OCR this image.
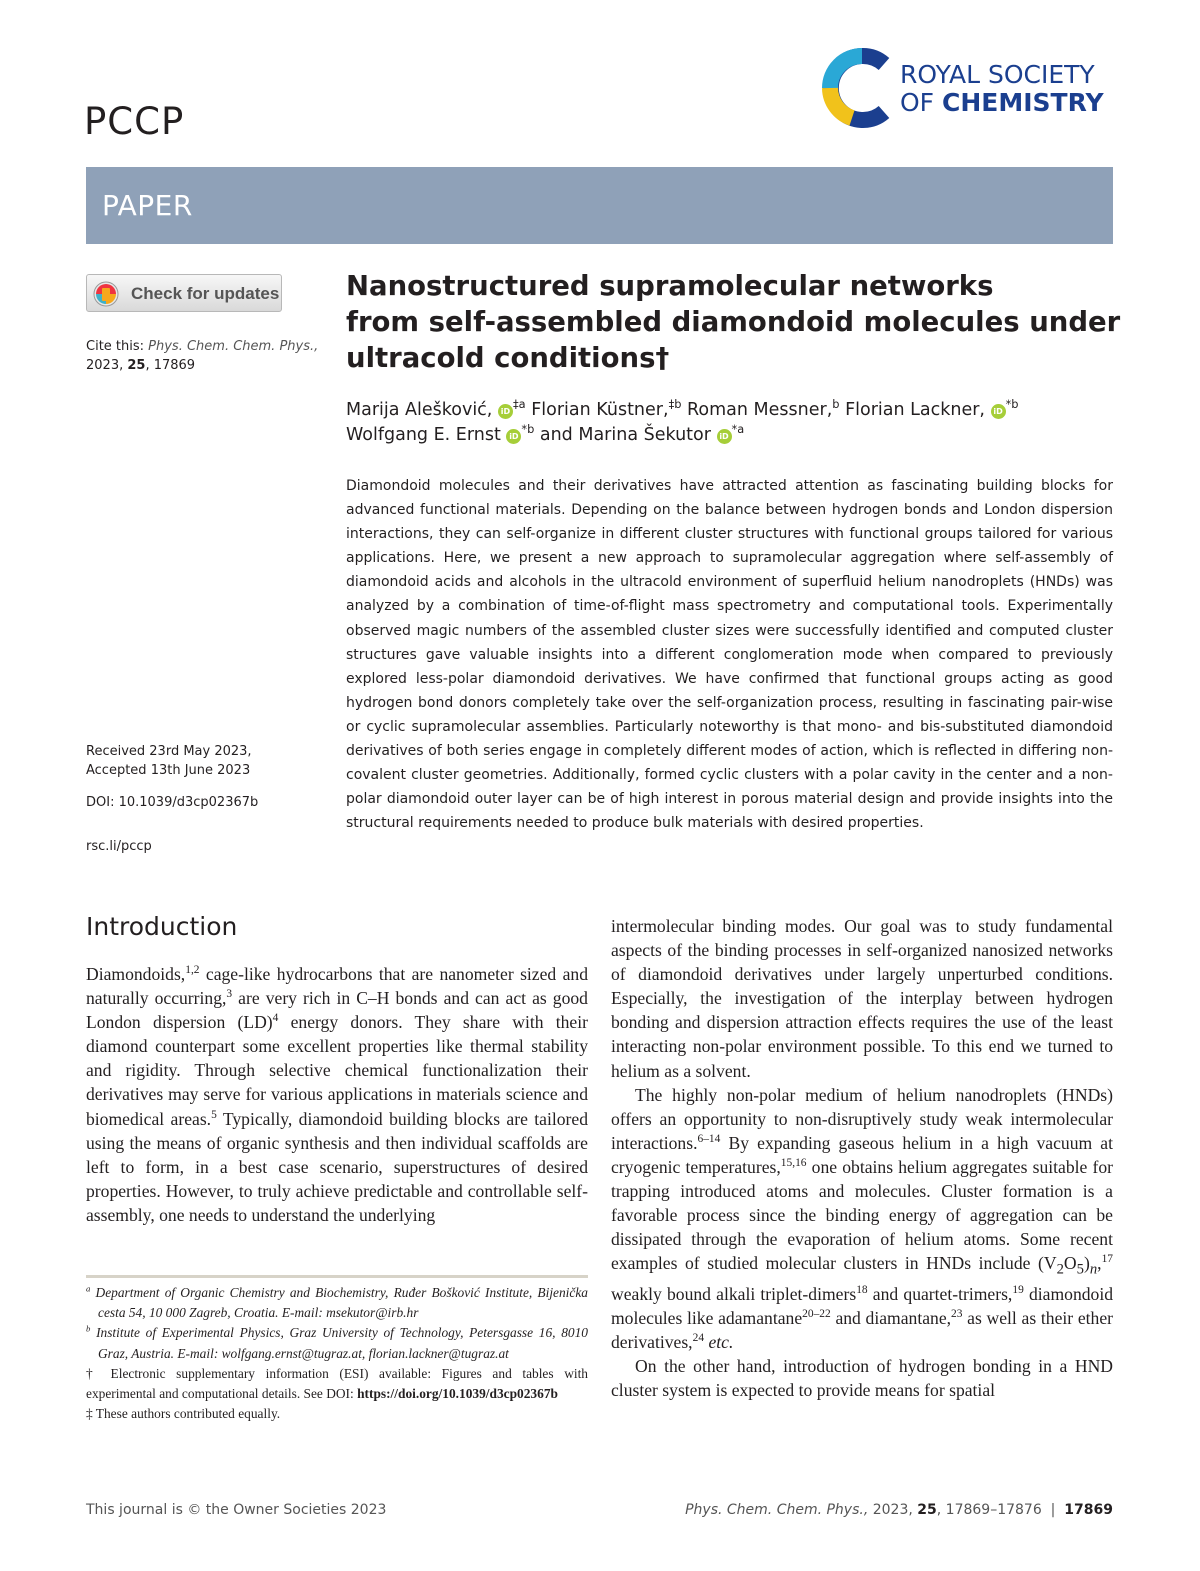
PCCP
ROYAL SOCIETY
OF CHEMISTRY
PAPER
Check for updates
Cite this: Phys. Chem. Chem. Phys.,
2023, 25, 17869
Received 23rd May 2023,
Accepted 13th June 2023
DOI: 10.1039/d3cp02367b
rsc.li/pccp
Nanostructured supramolecular networks
from self-assembled diamondoid molecules under
ultracold conditions†
Marija Alešković, $iD^{\ddagger a}$ Florian Küstner,$^{\ddagger b}$ Roman Messner,$^b$ Florian Lackner, $iD^{*b}$
Wolfgang E. Ernst $iD^{*b}$ and Marina Šekutor $iD^{*a}$
Diamondoid molecules and their derivatives have attracted attention as fascinating building blocks for advanced functional materials. Depending on the balance between hydrogen bonds and London dispersion interactions, they can self-organize in different cluster structures with functional groups tailored for various applications. Here, we present a new approach to supramolecular aggregation where self-assembly of diamondoid acids and alcohols in the ultracold environment of superfluid helium nanodroplets (HNDs) was analyzed by a combination of time-of-flight mass spectrometry and computational tools. Experimentally observed magic numbers of the assembled cluster sizes were successfully identified and computed cluster structures gave valuable insights into a different conglomeration mode when compared to previously explored less-polar diamondoid derivatives. We have confirmed that functional groups acting as good hydrogen bond donors completely take over the self-organization process, resulting in fascinating pair-wise or cyclic supramolecular assemblies. Particularly noteworthy is that mono- and bis-substituted diamondoid derivatives of both series engage in completely different modes of action, which is reflected in differing non-covalent cluster geometries. Additionally, formed cyclic clusters with a polar cavity in the center and a non-polar diamondoid outer layer can be of high interest in porous material design and provide insights into the structural requirements needed to produce bulk materials with desired properties.
Introduction

Diamondoids,$^{1,2}$ cage-like hydrocarbons that are nanometer sized and naturally occurring,$^3$ are very rich in C–H bonds and can act as good London dispersion (LD)$^4$ energy donors. They share with their diamond counterpart some excellent properties like thermal stability and rigidity. Through selective chemical functionalization their derivatives may serve for various applications in materials science and biomedical areas.$^5$ Typically, diamondoid building blocks are tailored using the means of organic synthesis and then individual scaffolds are left to form, in a best case scenario, superstructures of desired properties. However, to truly achieve predictable and controllable self-assembly, one needs to understand the underlying

intermolecular binding modes. Our goal was to study fundamental aspects of the binding processes in self-organized nanosized networks of diamondoid derivatives under largely unperturbed conditions. Especially, the investigation of the interplay between hydrogen bonding and dispersion attraction effects requires the use of the least interacting non-polar environment possible. To this end we turned to helium as a solvent.

The highly non-polar medium of helium nanodroplets (HNDs) offers an opportunity to non-disruptively study weak intermolecular interactions.$^{6-14}$ By expanding gaseous helium in a high vacuum at cryogenic temperatures,$^{15,16}$ one obtains helium aggregates suitable for trapping introduced atoms and molecules. Cluster formation is a favorable process since the binding energy of aggregation can be dissipated through the evaporation of helium atoms. Some recent examples of studied molecular clusters in HNDs include $(V_2O_5)_n,^{17}$ weakly bound alkali triplet-dimers$^{18}$ and quartet-trimers,$^{19}$ diamondoid molecules like adamantane$^{20-22}$ and diamantane,$^{23}$ as well as their ether derivatives,$^{24}$ etc.

On the other hand, introduction of hydrogen bonding in a HND cluster system is expected to provide means for spatial

$^a$ Department of Organic Chemistry and Biochemistry, Ruđer Bošković Institute, Bijenička cesta 54, 10 000 Zagreb, Croatia. E-mail: msekutor@irb.hr

$^b$ Institute of Experimental Physics, Graz University of Technology, Petersgasse 16, 8010 Graz, Austria. E-mail: wolfgang.ernst@tugraz.at, florian.lackner@tugraz.at

† Electronic supplementary information (ESI) available: Figures and tables with experimental and computational details. See DOI: https://doi.org/10.1039/d3cp02367b

‡ These authors contributed equally.

This journal is © the Owner Societies 2023	Phys. Chem. Chem. Phys., 2023, 25, 17869–17876 | 17869
